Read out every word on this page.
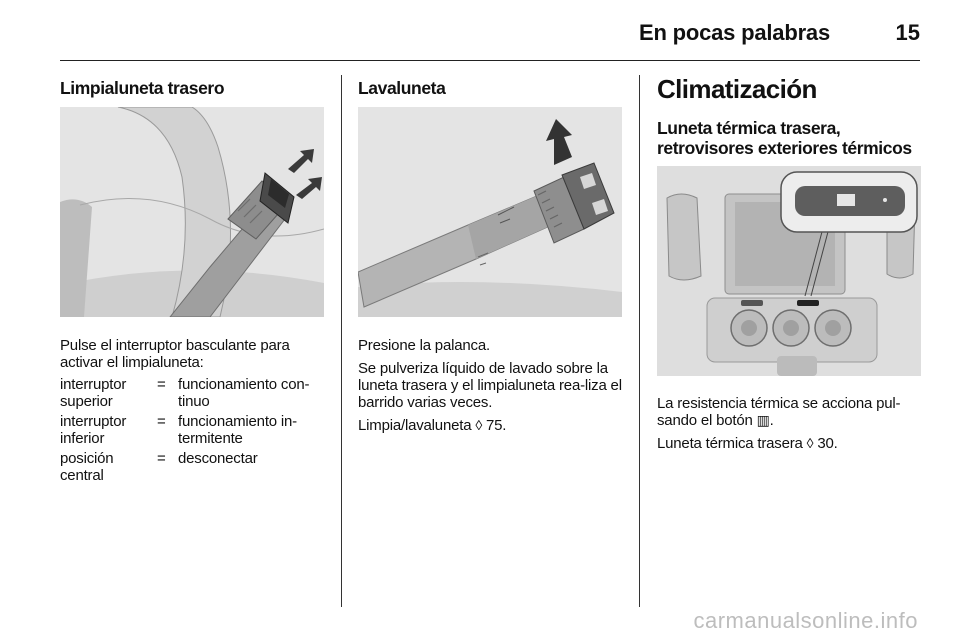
En pocas palabras	15
Limpialuneta trasero
Pulse el interruptor basculante para activar el limpialuneta:
interruptor superior
= funcionamiento con-tinuo
interruptor inferior
= funcionamiento in-termitente
posición central
= desconectar
Lavaluneta
Presione la palanca.
Se pulveriza líquido de lavado sobre la luneta trasera y el limpialuneta rea-liza el barrido varias veces.
Limpia/lavaluneta ◊ 75.
Climatización
Luneta térmica trasera,
retrovisores exteriores térmicos
La resistencia térmica se acciona pul-sando el botón ▥.
Luneta térmica trasera ◊ 30.
carmanualsonline.info
